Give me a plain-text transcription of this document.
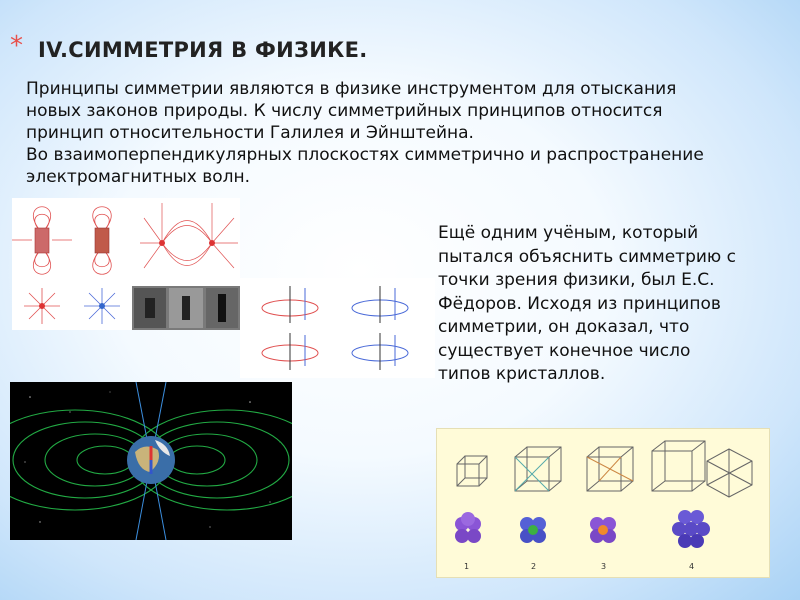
* IV.СИММЕТРИЯ В ФИЗИКЕ.

Принципы симметрии являются в физике инструментом для отыскания

новых законов природы. К числу симметрийных принципов относится

принцип относительности Галилея и Эйнштейна.

Во взаимоперпендикулярных плоскостях симметрично и распространение

электромагнитных волн.

Ещё одним учёным, который
пытался объяснить симметрию с
точки зрения физики, был Е.С.
Фёдоров. Исходя из принципов
симметрии, он доказал, что
существует конечное число
типов кристаллов.
1	2	3	4
